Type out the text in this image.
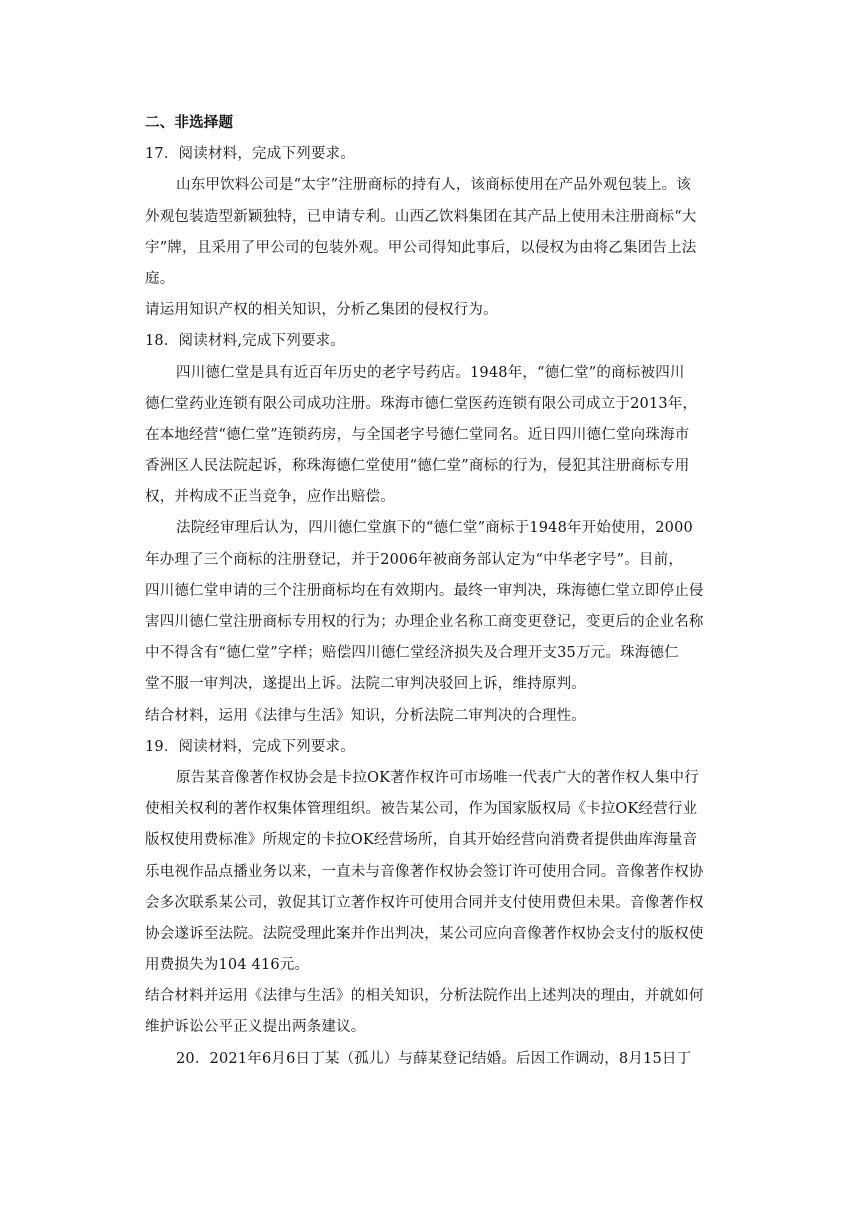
二、非选择题
17．阅读材料，完成下列要求。
山东甲饮料公司是“太宇”注册商标的持有人，该商标使用在产品外观包装上。该
外观包装造型新颖独特，已申请专利。山西乙饮料集团在其产品上使用未注册商标“大
宇”牌，且采用了甲公司的包装外观。甲公司得知此事后，以侵权为由将乙集团告上法
庭。
请运用知识产权的相关知识，分析乙集团的侵权行为。
18．阅读材料,完成下列要求。
四川德仁堂是具有近百年历史的老字号药店。1948年，“德仁堂”的商标被四川
德仁堂药业连锁有限公司成功注册。珠海市德仁堂医药连锁有限公司成立于2013年，
在本地经营“德仁堂”连锁药房，与全国老字号德仁堂同名。近日四川德仁堂向珠海市
香洲区人民法院起诉，称珠海德仁堂使用“德仁堂”商标的行为，侵犯其注册商标专用
权，并构成不正当竞争，应作出赔偿。
法院经审理后认为，四川德仁堂旗下的“德仁堂”商标于1948年开始使用，2000
年办理了三个商标的注册登记，并于2006年被商务部认定为“中华老字号”。目前，
四川德仁堂申请的三个注册商标均在有效期内。最终一审判决，珠海德仁堂立即停止侵
害四川德仁堂注册商标专用权的行为；办理企业名称工商变更登记，变更后的企业名称
中不得含有“德仁堂”字样；赔偿四川德仁堂经济损失及合理开支35万元。珠海德仁
堂不服一审判决，遂提出上诉。法院二审判决驳回上诉，维持原判。
结合材料，运用《法律与生活》知识，分析法院二审判决的合理性。
19．阅读材料，完成下列要求。
原告某音像著作权协会是卡拉OK著作权许可市场唯一代表广大的著作权人集中行
使相关权利的著作权集体管理组织。被告某公司，作为国家版权局《卡拉OK经营行业
版权使用费标准》所规定的卡拉OK经营场所，自其开始经营向消费者提供曲库海量音
乐电视作品点播业务以来，一直未与音像著作权协会签订许可使用合同。音像著作权协
会多次联系某公司，敦促其订立著作权许可使用合同并支付使用费但未果。音像著作权
协会遂诉至法院。法院受理此案并作出判决，某公司应向音像著作权协会支付的版权使
用费损失为104 416元。
结合材料并运用《法律与生活》的相关知识，分析法院作出上述判决的理由，并就如何
维护诉讼公平正义提出两条建议。
20．2021年6月6日丁某（孤儿）与薛某登记结婚。后因工作调动，8月15日丁
